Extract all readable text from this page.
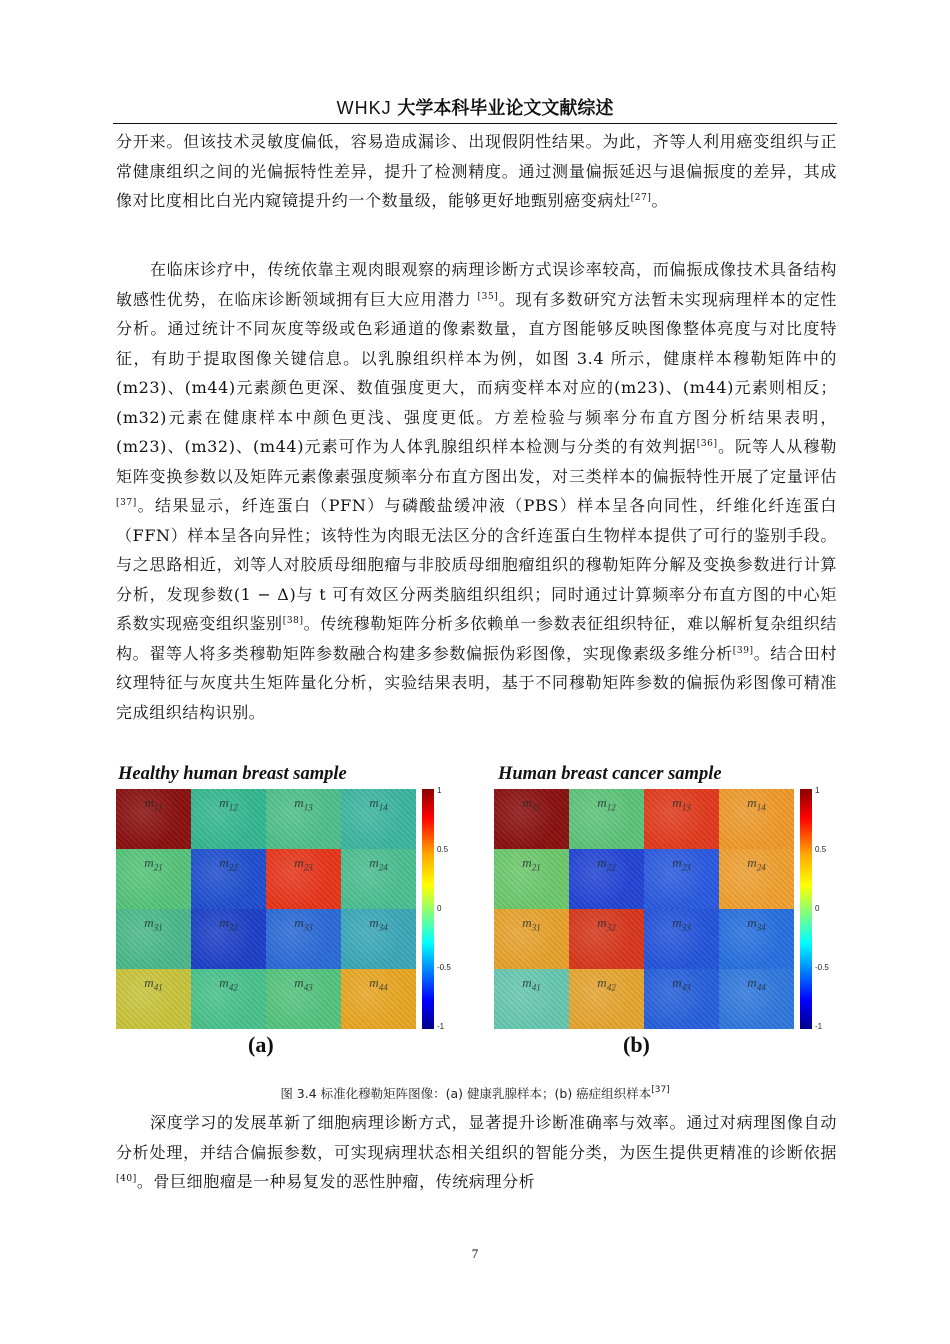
WHKJ 大学本科毕业论文文献综述

分开来。但该技术灵敏度偏低，容易造成漏诊、出现假阴性结果。为此，齐等人利用癌变组织与正常健康组织之间的光偏振特性差异，提升了检测精度。通过测量偏振延迟与退偏振度的差异，其成像对比度相比白光内窥镜提升约一个数量级，能够更好地甄别癌变病灶[27]。

在临床诊疗中，传统依靠主观肉眼观察的病理诊断方式误诊率较高，而偏振成像技术具备结构敏感性优势，在临床诊断领域拥有巨大应用潜力 [35]。现有多数研究方法暂未实现病理样本的定性分析。通过统计不同灰度等级或色彩通道的像素数量，直方图能够反映图像整体亮度与对比度特征，有助于提取图像关键信息。以乳腺组织样本为例，如图 3.4 所示，健康样本穆勒矩阵中的(m23)、(m44)元素颜色更深、数值强度更大，而病变样本对应的(m23)、(m44)元素则相反；(m32)元素在健康样本中颜色更浅、强度更低。方差检验与频率分布直方图分析结果表明，(m23)、(m32)、(m44)元素可作为人体乳腺组织样本检测与分类的有效判据[36]。阮等人从穆勒矩阵变换参数以及矩阵元素像素强度频率分布直方图出发，对三类样本的偏振特性开展了定量评估[37]。结果显示，纤连蛋白（PFN）与磷酸盐缓冲液（PBS）样本呈各向同性，纤维化纤连蛋白（FFN）样本呈各向异性；该特性为肉眼无法区分的含纤连蛋白生物样本提供了可行的鉴别手段。与之思路相近，刘等人对胶质母细胞瘤与非胶质母细胞瘤组织的穆勒矩阵分解及变换参数进行计算分析，发现参数(1 − Δ)与 t 可有效区分两类脑组织组织；同时通过计算频率分布直方图的中心矩系数实现癌变组织鉴别[38]。传统穆勒矩阵分析多依赖单一参数表征组织特征，难以解析复杂组织结构。翟等人将多类穆勒矩阵参数融合构建多参数偏振伪彩图像，实现像素级多维分析[39]。结合田村纹理特征与灰度共生矩阵量化分析，实验结果表明，基于不同穆勒矩阵参数的偏振伪彩图像可精准完成组织结构识别。

Healthy human breast sample
$m_{11}$	$m_{12}$	$m_{13}$	$m_{14}$
$m_{21}$	$m_{22}$	$m_{23}$	$m_{24}$
$m_{31}$	$m_{32}$	$m_{33}$	$m_{34}$
$m_{41}$	$m_{42}$	$m_{43}$	$m_{44}$
1
0.5
0
-0.5
-1
(a)
Human breast cancer sample
$m_{11}$	$m_{12}$	$m_{13}$	$m_{14}$
$m_{21}$	$m_{22}$	$m_{23}$	$m_{24}$
$m_{31}$	$m_{32}$	$m_{33}$	$m_{34}$
$m_{41}$	$m_{42}$	$m_{43}$	$m_{44}$
1
0.5
0
-0.5
-1
(b)
图 3.4 标准化穆勒矩阵图像：(a) 健康乳腺样本；(b) 癌症组织样本[37]

深度学习的发展革新了细胞病理诊断方式，显著提升诊断准确率与效率。通过对病理图像自动分析处理，并结合偏振参数，可实现病理状态相关组织的智能分类，为医生提供更精准的诊断依据[40]。骨巨细胞瘤是一种易复发的恶性肿瘤，传统病理分析

7
